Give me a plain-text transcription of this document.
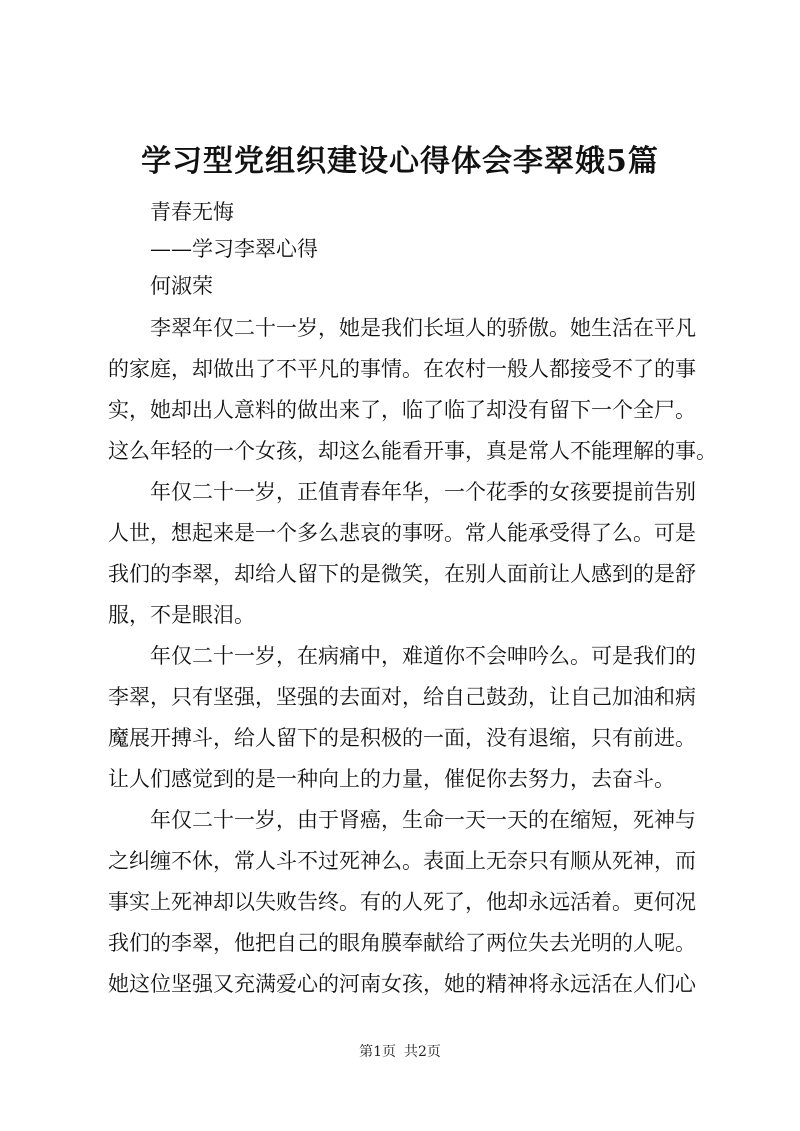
学习型党组织建设心得体会李翠娥5篇

青春无悔

——学习李翠心得

何淑荣

　　李翠年仅二十一岁，她是我们长垣人的骄傲。她生活在平凡

的家庭，却做出了不平凡的事情。在农村一般人都接受不了的事

实，她却出人意料的做出来了，临了临了却没有留下一个全尸。

这么年轻的一个女孩，却这么能看开事，真是常人不能理解的事。

　　年仅二十一岁，正值青春年华，一个花季的女孩要提前告别

人世，想起来是一个多么悲哀的事呀。常人能承受得了么。可是

我们的李翠，却给人留下的是微笑，在别人面前让人感到的是舒

服，不是眼泪。

　　年仅二十一岁，在病痛中，难道你不会呻吟么。可是我们的

李翠，只有坚强，坚强的去面对，给自己鼓劲，让自己加油和病

魔展开搏斗，给人留下的是积极的一面，没有退缩，只有前进。

让人们感觉到的是一种向上的力量，催促你去努力，去奋斗。

　　年仅二十一岁，由于肾癌，生命一天一天的在缩短，死神与

之纠缠不休，常人斗不过死神么。表面上无奈只有顺从死神，而

事实上死神却以失败告终。有的人死了，他却永远活着。更何况

我们的李翠，他把自己的眼角膜奉献给了两位失去光明的人呢。

她这位坚强又充满爱心的河南女孩，她的精神将永远活在人们心

第1页 共2页
